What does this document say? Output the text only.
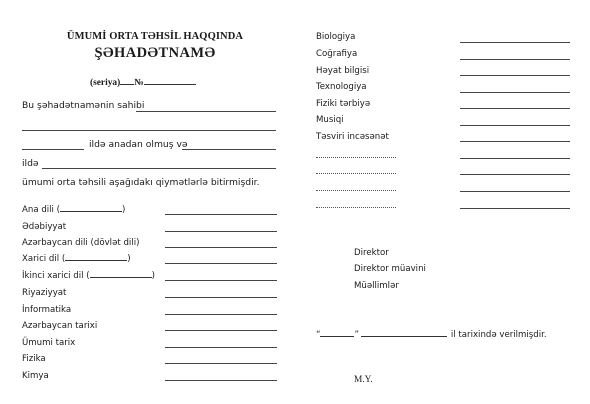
ÜMUMİ ORTA TƏHSİL HAQQINDA
ŞƏHADƏTNAMƏ
(seriya) №
Bu şəhadətnamənin sahibi
ildə anadan olmuş və
ildə
ümumi orta təhsili aşağıdakı qiymətlərlə bitirmişdir.
Ana dili (	)
Ədəbiyyat
Azərbaycan dili (dövlət dili)
Xarici dil (	)
İkinci xarici dil (	)
Riyaziyyat
İnformatika
Azərbaycan tarixi
Ümumi tarix
Fizika
Kimya
Biologiya
Coğrafiya
Həyat bilgisi
Texnologiya
Fiziki tərbiyə
Musiqi
Təsviri incəsənət
Direktor
Direktor müavini
Müəllimlər
“	”	il tarixində verilmişdir.
M.Y.
